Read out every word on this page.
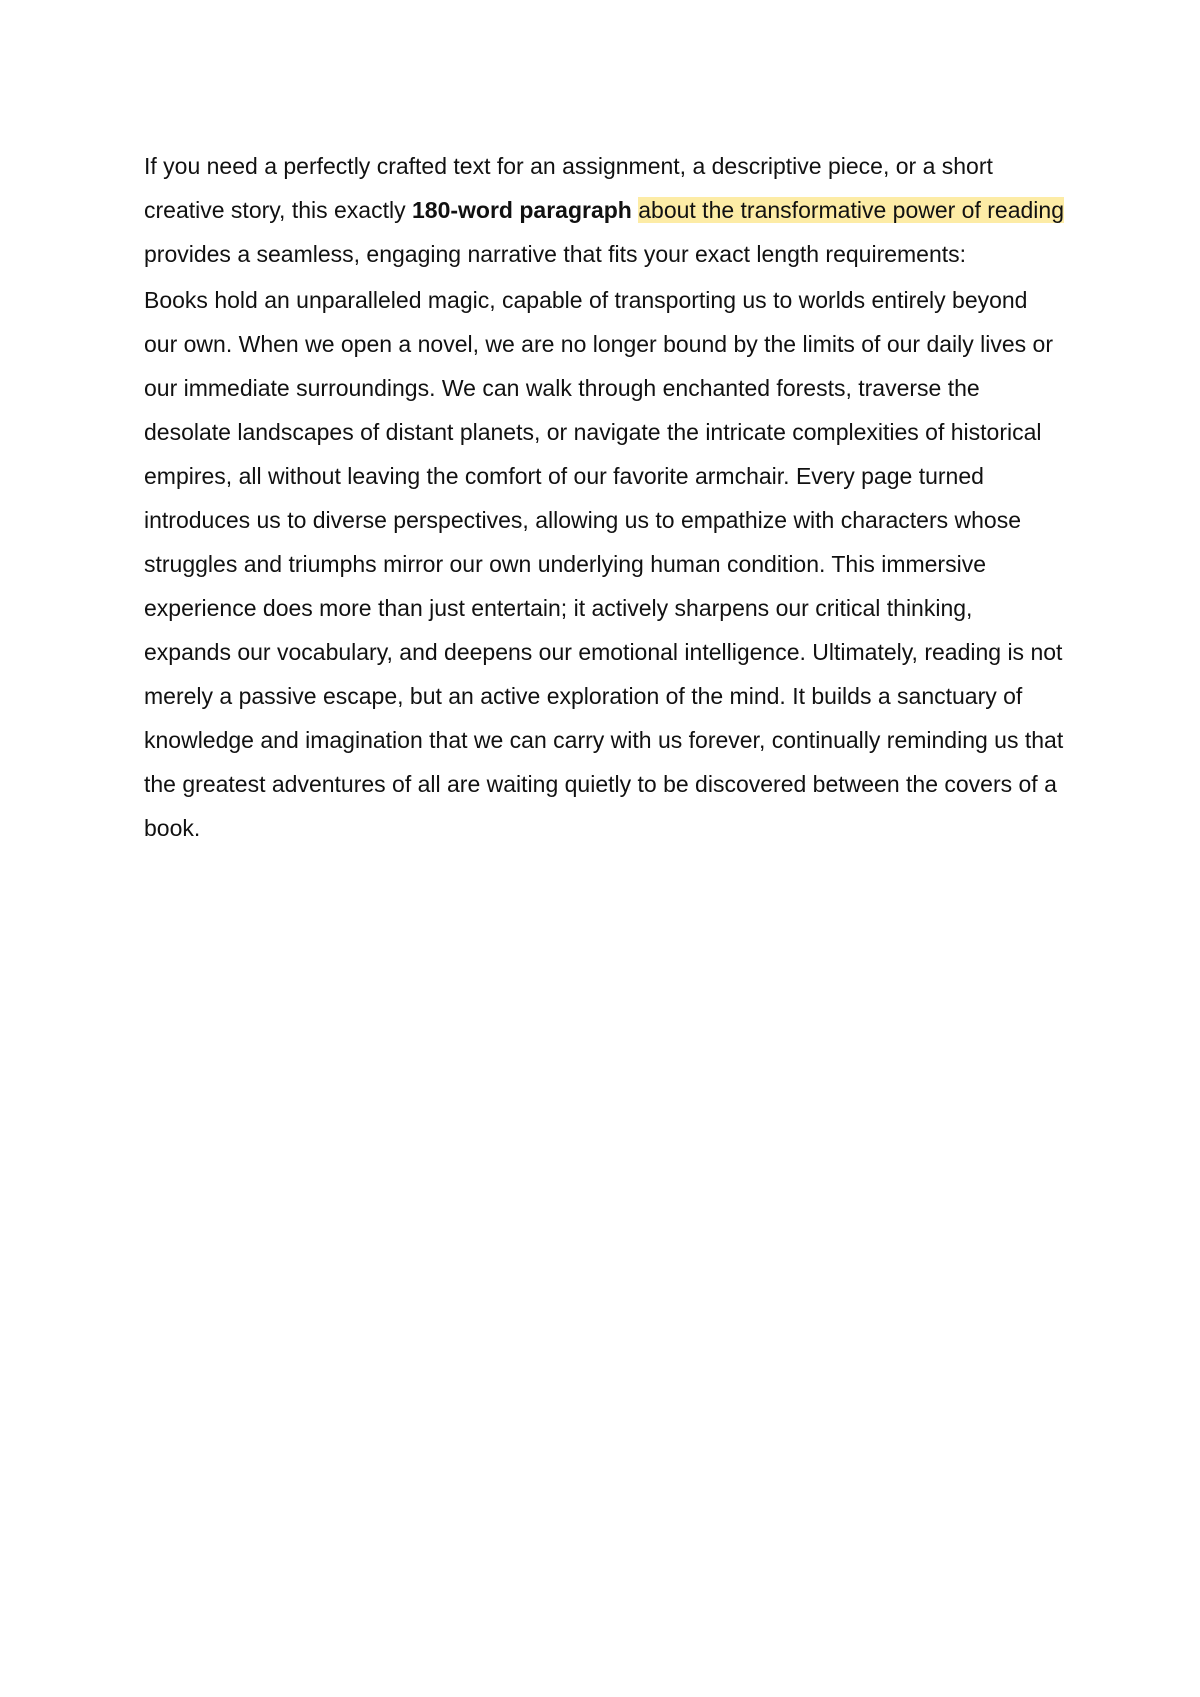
If you need a perfectly crafted text for an assignment, a descriptive piece, or a short creative story, this exactly 180-word paragraph about the transformative power of reading provides a seamless, engaging narrative that fits your exact length requirements:

Books hold an unparalleled magic, capable of transporting us to worlds entirely beyond our own. When we open a novel, we are no longer bound by the limits of our daily lives or our immediate surroundings. We can walk through enchanted forests, traverse the desolate landscapes of distant planets, or navigate the intricate complexities of historical empires, all without leaving the comfort of our favorite armchair. Every page turned introduces us to diverse perspectives, allowing us to empathize with characters whose struggles and triumphs mirror our own underlying human condition. This immersive experience does more than just entertain; it actively sharpens our critical thinking, expands our vocabulary, and deepens our emotional intelligence. Ultimately, reading is not merely a passive escape, but an active exploration of the mind. It builds a sanctuary of knowledge and imagination that we can carry with us forever, continually reminding us that the greatest adventures of all are waiting quietly to be discovered between the covers of a book.
